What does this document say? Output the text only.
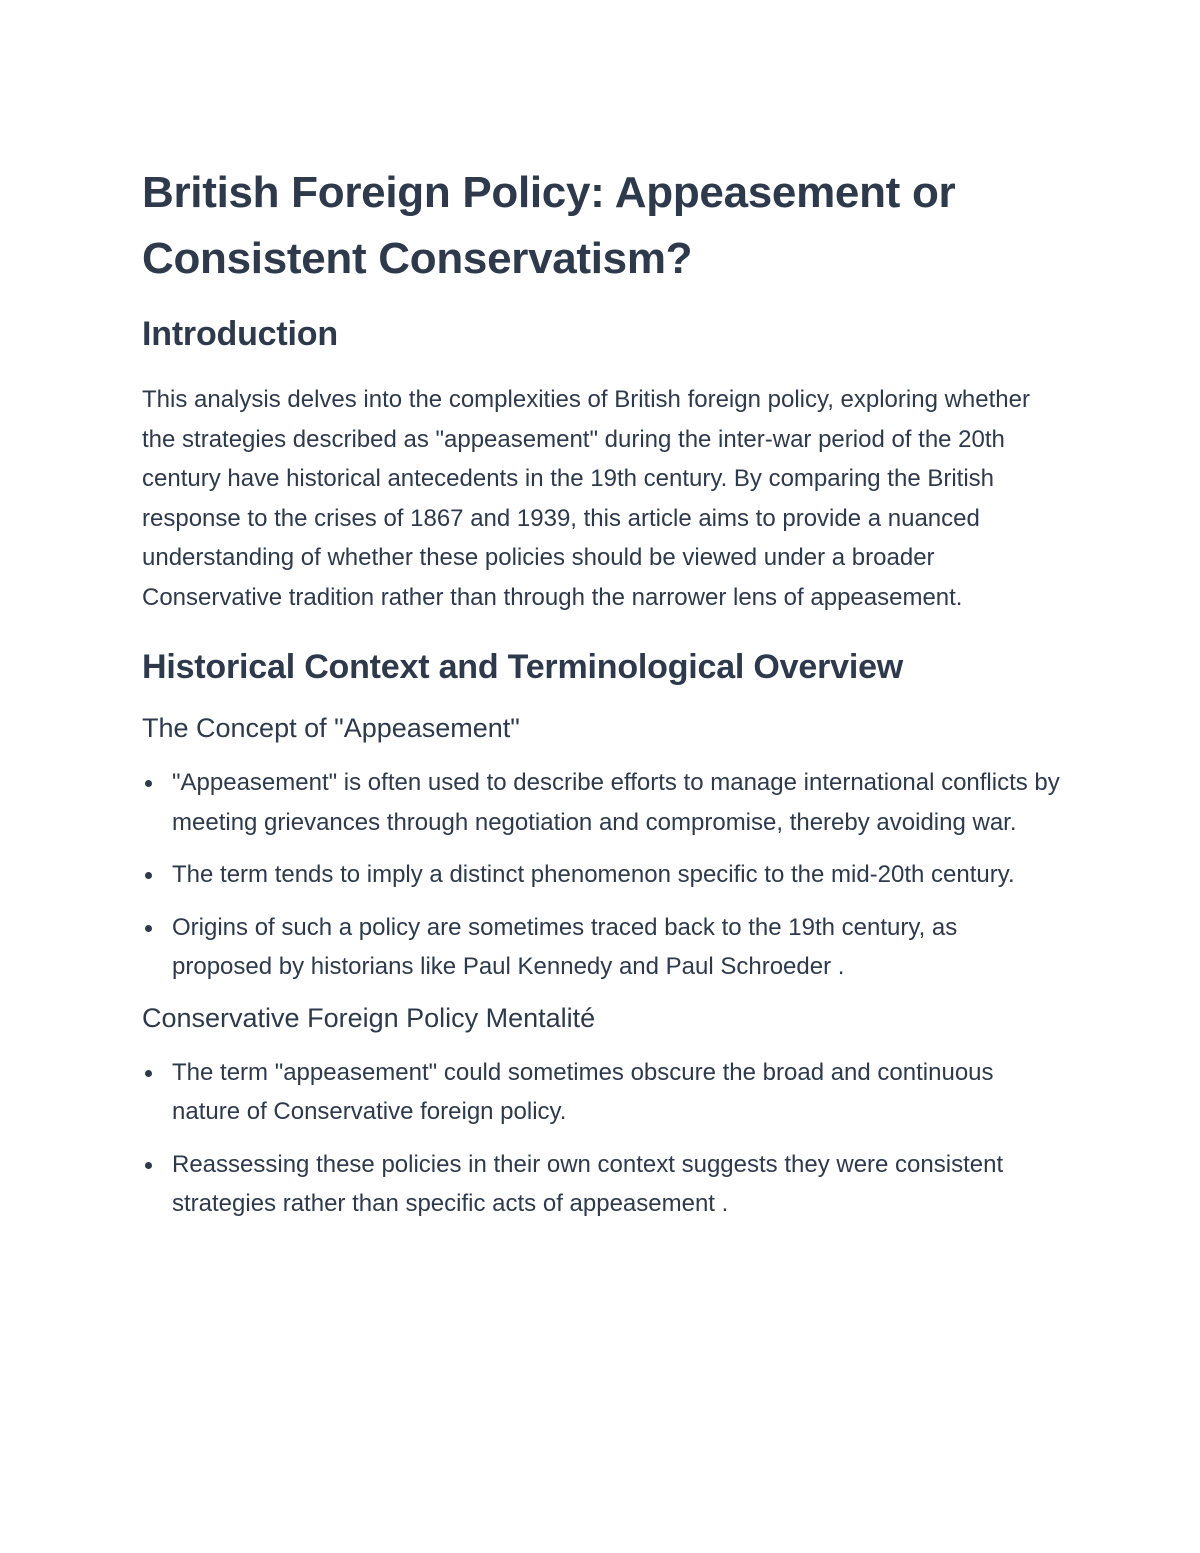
British Foreign Policy: Appeasement or Consistent Conservatism?
Introduction

This analysis delves into the complexities of British foreign policy, exploring whether the strategies described as "appeasement" during the inter-war period of the 20th century have historical antecedents in the 19th century. By comparing the British response to the crises of 1867 and 1939, this article aims to provide a nuanced understanding of whether these policies should be viewed under a broader Conservative tradition rather than through the narrower lens of appeasement.

Historical Context and Terminological Overview
The Concept of "Appeasement"
"Appeasement" is often used to describe efforts to manage international conflicts by meeting grievances through negotiation and compromise, thereby avoiding war.
The term tends to imply a distinct phenomenon specific to the mid-20th century.
Origins of such a policy are sometimes traced back to the 19th century, as proposed by historians like Paul Kennedy and Paul Schroeder .
Conservative Foreign Policy Mentalité
The term "appeasement" could sometimes obscure the broad and continuous nature of Conservative foreign policy.
Reassessing these policies in their own context suggests they were consistent strategies rather than specific acts of appeasement .
